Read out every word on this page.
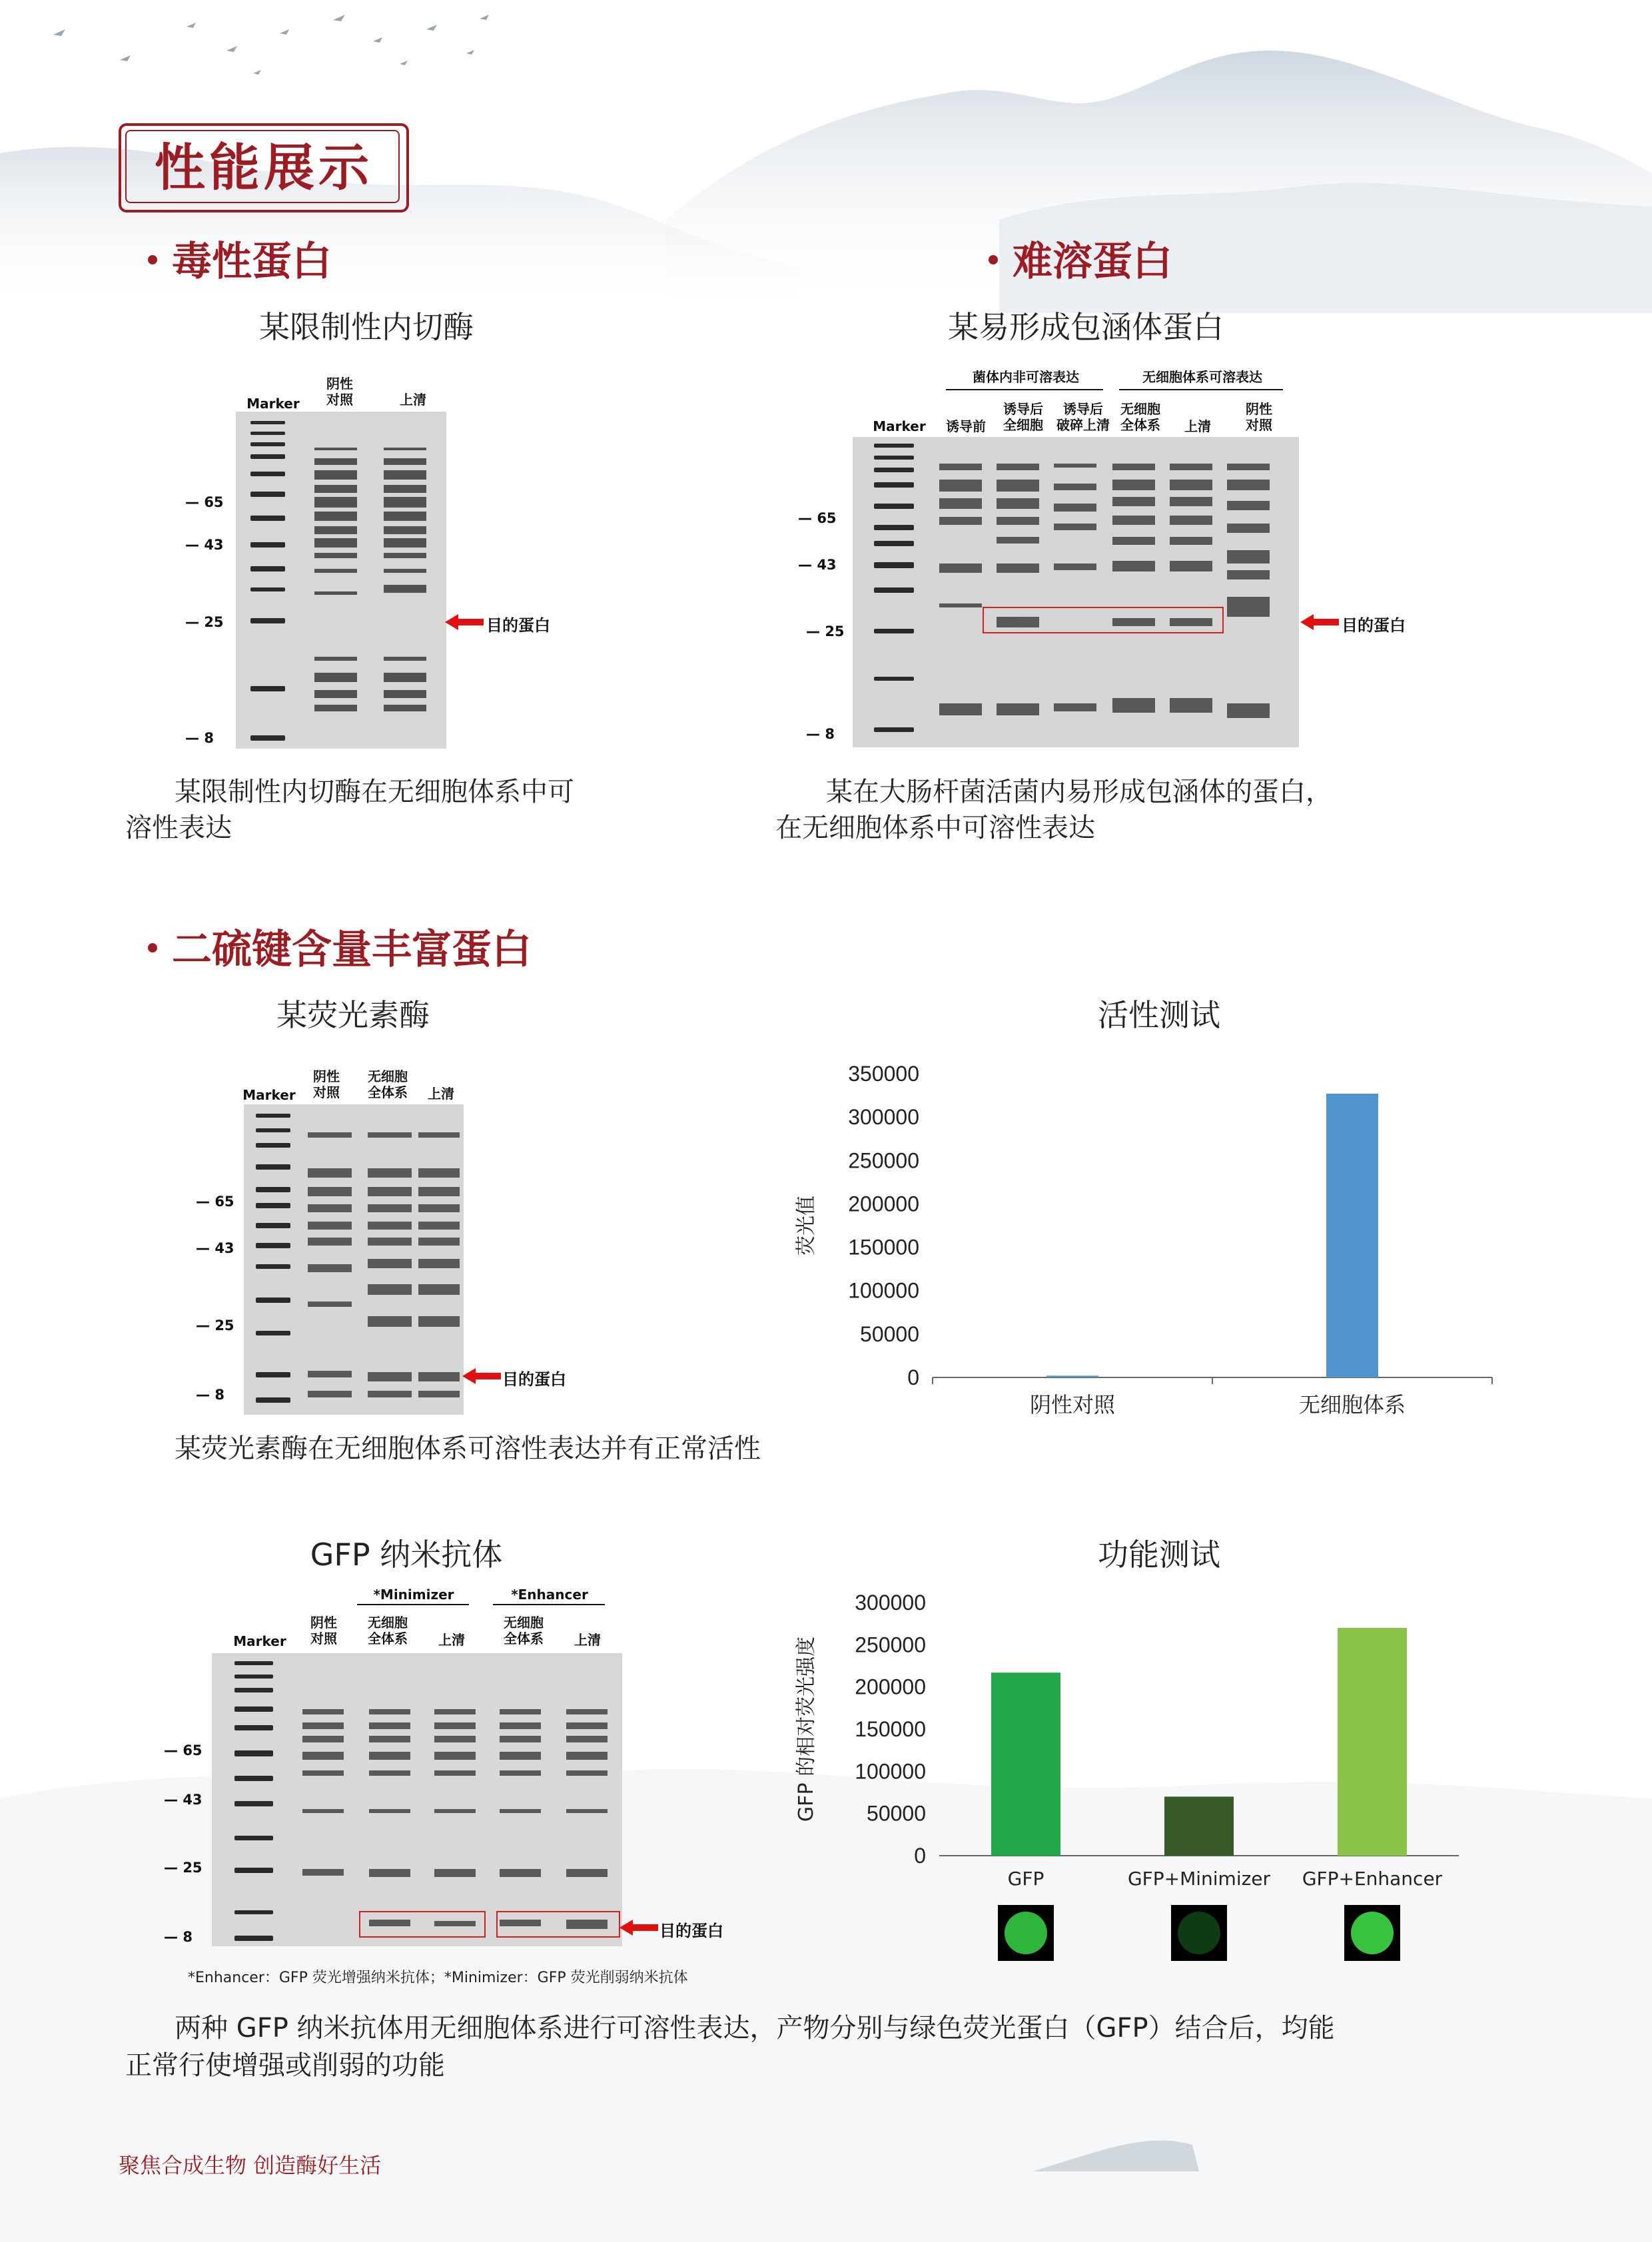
性能展示
毒性蛋白
某限制性内切酶
Marker
阴性
对照	上清
— 65
— 43
— 25
— 8
目的蛋白
某限制性内切酶在无细胞体系中可
溶性表达
难溶蛋白
某易形成包涵体蛋白
菌体内非可溶表达	无细胞体系可溶表达
Marker	诱导前
诱导后
全细胞
诱导后
破碎上清
无细胞
全体系	上清
阴性
对照
— 65
— 43
— 25
— 8
目的蛋白
某在大肠杆菌活菌内易形成包涵体的蛋白，
在无细胞体系中可溶性表达
二硫键含量丰富蛋白
某荧光素酶	活性测试
Marker
阴性
对照
无细胞
全体系	上清
— 65
— 43
— 25
— 8
目的蛋白	0
50000
100000
150000
200000
250000
300000
350000
荧光值
阴性对照	无细胞体系
某荧光素酶在无细胞体系可溶性表达并有正常活性
GFP 纳米抗体	功能测试
*Minimizer	*Enhancer
Marker
阴性
对照
无细胞
全体系	上清
无细胞
全体系	上清
— 65
— 43
— 25
— 8	目的蛋白
*Enhancer：GFP 荧光增强纳米抗体；*Minimizer：GFP 荧光削弱纳米抗体
0
50000
100000
150000
200000
250000
300000
GFP 的相对荧光强度
GFP	GFP+Minimizer GFP+Enhancer
两种 GFP 纳米抗体用无细胞体系进行可溶性表达，产物分别与绿色荧光蛋白（GFP）结合后，均能
正常行使增强或削弱的功能
聚焦合成生物 创造酶好生活
